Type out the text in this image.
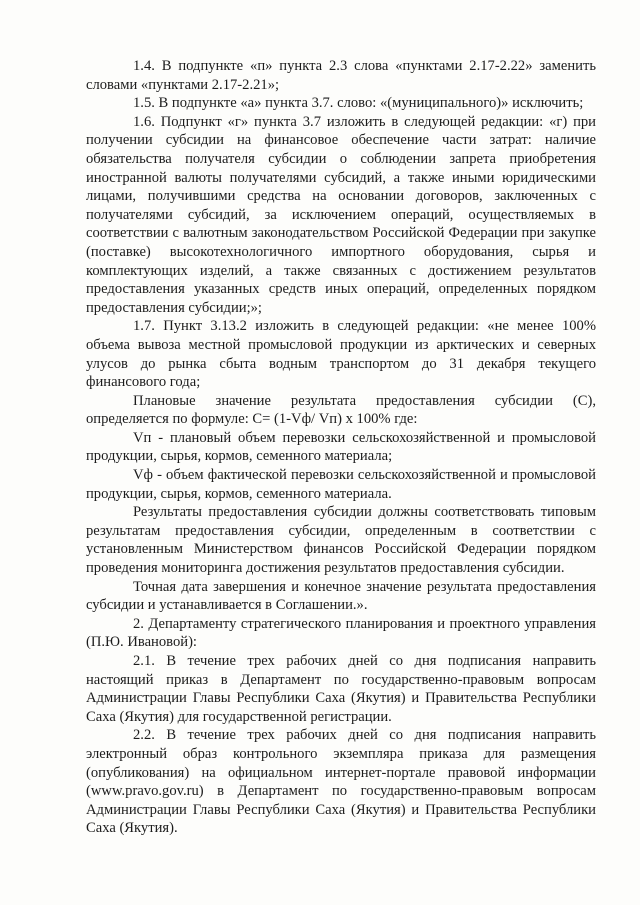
1.4. В подпункте «п» пункта 2.3 слова «пунктами 2.17-2.22» заменить словами «пунктами 2.17-2.21»;

1.5. В подпункте «а» пункта 3.7. слово: «(муниципального)» исключить;

1.6. Подпункт «г» пункта 3.7 изложить в следующей редакции: «г) при получении субсидии на финансовое обеспечение части затрат: наличие обязательства получателя субсидии о соблюдении запрета приобретения иностранной валюты получателями субсидий, а также иными юридическими лицами, получившими средства на основании договоров, заключенных с получателями субсидий, за исключением операций, осуществляемых в соответствии с валютным законодательством Российской Федерации при закупке (поставке) высокотехнологичного импортного оборудования, сырья и комплектующих изделий, а также связанных с достижением результатов предоставления указанных средств иных операций, определенных порядком предоставления субсидии;»;

1.7. Пункт 3.13.2 изложить в следующей редакции: «не менее 100% объема вывоза местной промысловой продукции из арктических и северных улусов до рынка сбыта водным транспортом до 31 декабря текущего финансового года;

Плановые значение результата предоставления субсидии (С), определяется по формуле: С= (1-Vф/ Vп) х 100% где:

Vп - плановый объем перевозки сельскохозяйственной и промысловой продукции, сырья, кормов, семенного материала;

Vф - объем фактической перевозки сельскохозяйственной и промысловой продукции, сырья, кормов, семенного материала.

Результаты предоставления субсидии должны соответствовать типовым результатам предоставления субсидии, определенным в соответствии с установленным Министерством финансов Российской Федерации порядком проведения мониторинга достижения результатов предоставления субсидии.

Точная дата завершения и конечное значение результата предоставления субсидии и устанавливается в Соглашении.».

2. Департаменту стратегического планирования и проектного управления (П.Ю. Ивановой):

2.1. В течение трех рабочих дней со дня подписания направить настоящий приказ в Департамент по государственно-правовым вопросам Администрации Главы Республики Саха (Якутия) и Правительства Республики Саха (Якутия) для государственной регистрации.

2.2. В течение трех рабочих дней со дня подписания направить электронный образ контрольного экземпляра приказа для размещения (опубликования) на официальном интернет-портале правовой информации (www.pravo.gov.ru) в Департамент по государственно-правовым вопросам Администрации Главы Республики Саха (Якутия) и Правительства Республики Саха (Якутия).
